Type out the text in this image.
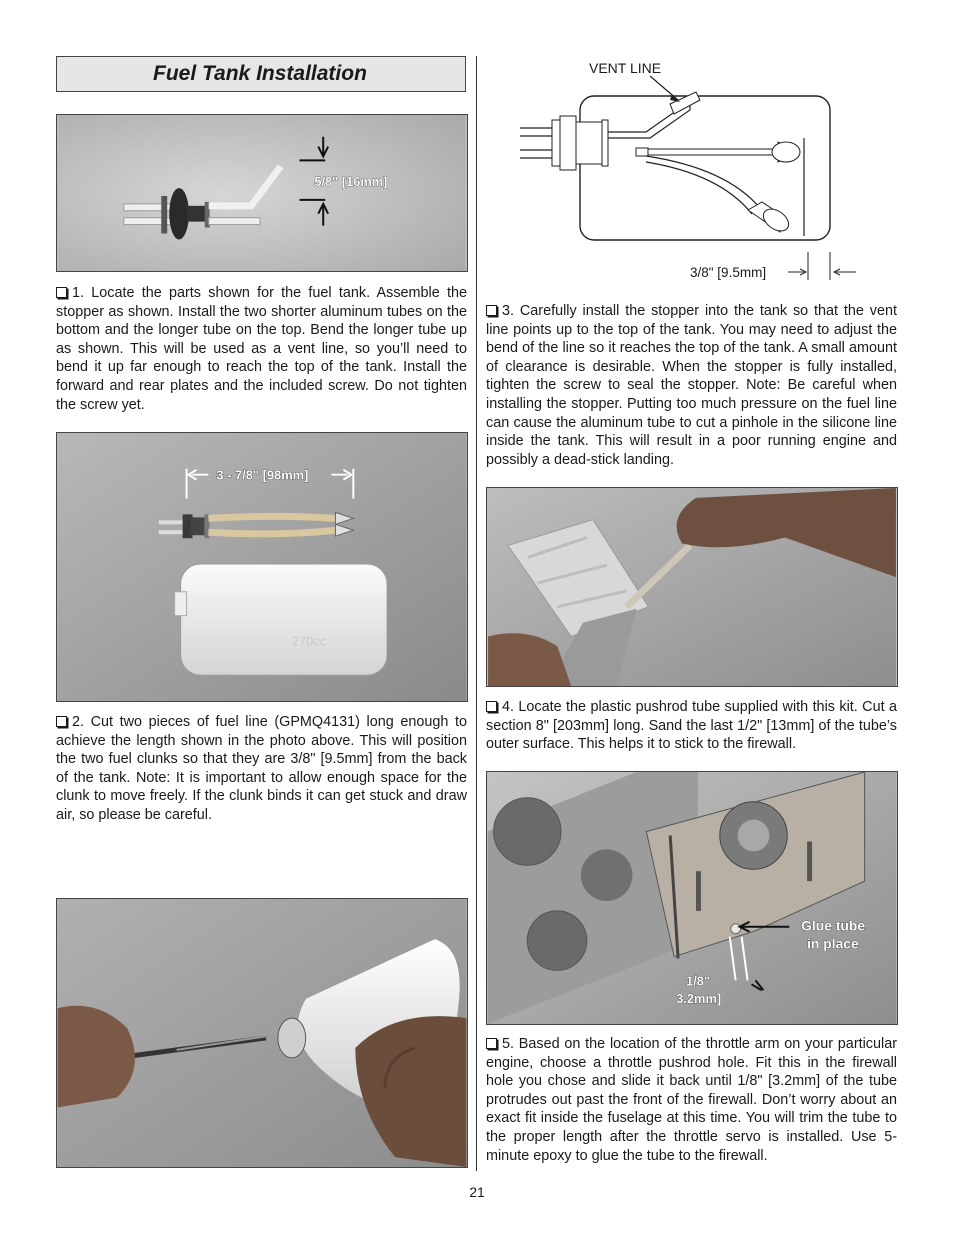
Fuel Tank Installation
5/8" [16mm]

1. Locate the parts shown for the fuel tank. Assemble the stopper as shown. Install the two shorter aluminum tubes on the bottom and the longer tube on the top. Bend the longer tube up as shown. This will be used as a vent line, so you’ll need to bend it up far enough to reach the top of the tank. Install the forward and rear plates and the included screw. Do not tighten the screw yet.

3 - 7/8" [98mm]
270cc

2. Cut two pieces of fuel line (GPMQ4131) long enough to achieve the length shown in the photo above. This will position the two fuel clunks so that they are 3/8" [9.5mm] from the back of the tank. Note: It is important to allow enough space for the clunk to move freely. If the clunk binds it can get stuck and draw air, so please be careful.

VENT LINE
3/8" [9.5mm]

3. Carefully install the stopper into the tank so that the vent line points up to the top of the tank. You may need to adjust the bend of the line so it reaches the top of the tank. A small amount of clearance is desirable. When the stopper is fully installed, tighten the screw to seal the stopper. Note: Be careful when installing the stopper. Putting too much pressure on the fuel line can cause the aluminum tube to cut a pinhole in the silicone line inside the tank. This will result in a poor running engine and possibly a dead-stick landing.

4. Locate the plastic pushrod tube supplied with this kit. Cut a section 8" [203mm] long. Sand the last 1/2" [13mm] of the tube’s outer surface. This helps it to stick to the firewall.

Glue tube
in place
1/8"
3.2mm]

5. Based on the location of the throttle arm on your particular engine, choose a throttle pushrod hole. Fit this in the firewall hole you chose and slide it back until 1/8" [3.2mm] of the tube protrudes out past the front of the firewall. Don’t worry about an exact fit inside the fuselage at this time. You will trim the tube to the proper length after the throttle servo is installed. Use 5-minute epoxy to glue the tube to the firewall.

21
